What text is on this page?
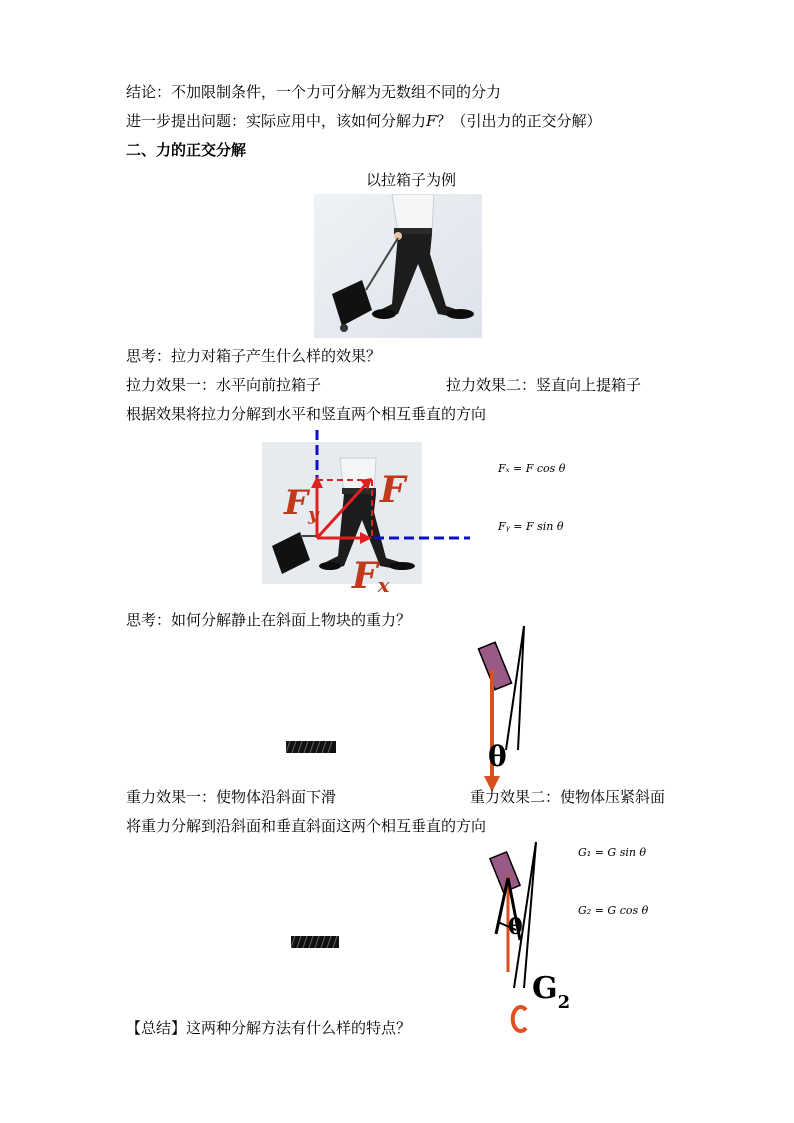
结论：不加限制条件，一个力可分解为无数组不同的分力
进一步提出问题：实际应用中，该如何分解力F？（引出力的正交分解）
二、力的正交分解
以拉箱子为例
思考：拉力对箱子产生什么样的效果？
拉力效果一：水平向前拉箱子	拉力效果二：竖直向上提箱子
根据效果将拉力分解到水平和竖直两个相互垂直的方向
F
Fy
Fx
Fₓ = F cos θ
Fᵧ = F sin θ
思考：如何分解静止在斜面上物块的重力？
θ
重力效果一：使物体沿斜面下滑	重力效果二：使物体压紧斜面
将重力分解到沿斜面和垂直斜面这两个相互垂直的方向
θ
$G_2$
G₁ = G sin θ
G₂ = G cos θ
【总结】这两种分解方法有什么样的特点？
